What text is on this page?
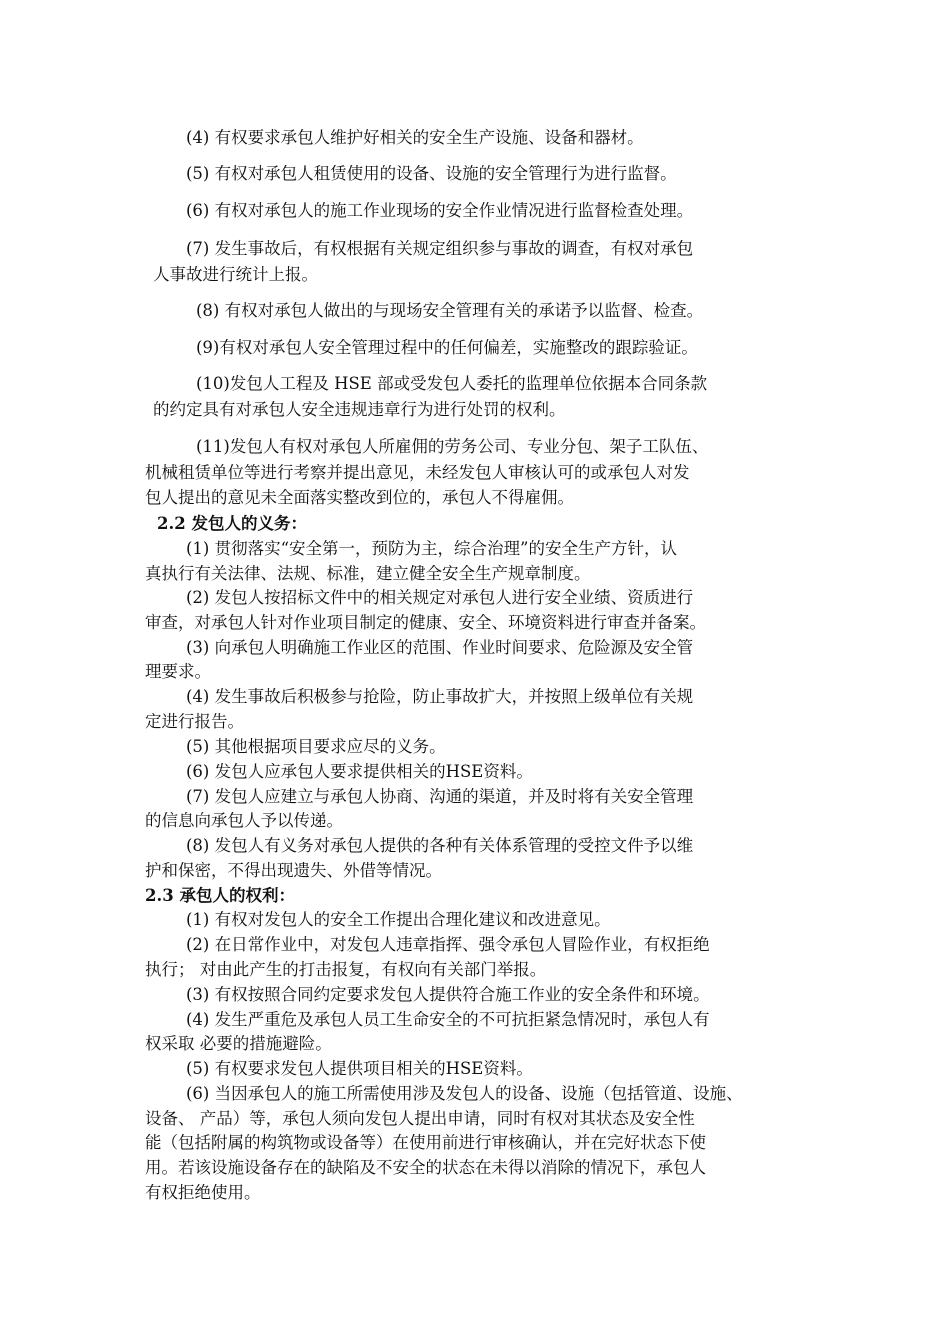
(4) 有权要求承包人维护好相关的安全生产设施、设备和器材。
(5) 有权对承包人租赁使用的设备、设施的安全管理行为进行监督。
(6) 有权对承包人的施工作业现场的安全作业情况进行监督检查处理。
(7) 发生事故后，有权根据有关规定组织参与事故的调查，有权对承包
人事故进行统计上报。
(8) 有权对承包人做出的与现场安全管理有关的承诺予以监督、检查。
(9)有权对承包人安全管理过程中的任何偏差，实施整改的跟踪验证。
(10)发包人工程及 HSE 部或受发包人委托的监理单位依据本合同条款
的约定具有对承包人安全违规违章行为进行处罚的权利。
(11)发包人有权对承包人所雇佣的劳务公司、专业分包、架子工队伍、
机械租赁单位等进行考察并提出意见，未经发包人审核认可的或承包人对发
包人提出的意见未全面落实整改到位的，承包人不得雇佣。
2.2 发包人的义务：
(1) 贯彻落实“安全第一，预防为主，综合治理”的安全生产方针，认
真执行有关法律、法规、标准，建立健全安全生产规章制度。
(2) 发包人按招标文件中的相关规定对承包人进行安全业绩、资质进行
审查，对承包人针对作业项目制定的健康、安全、环境资料进行审查并备案。
(3) 向承包人明确施工作业区的范围、作业时间要求、危险源及安全管
理要求。
(4) 发生事故后积极参与抢险，防止事故扩大，并按照上级单位有关规
定进行报告。
(5) 其他根据项目要求应尽的义务。
(6) 发包人应承包人要求提供相关的HSE资料。
(7) 发包人应建立与承包人协商、沟通的渠道，并及时将有关安全管理
的信息向承包人予以传递。
(8) 发包人有义务对承包人提供的各种有关体系管理的受控文件予以维
护和保密，不得出现遗失、外借等情况。
2.3 承包人的权利：
(1) 有权对发包人的安全工作提出合理化建议和改进意见。
(2) 在日常作业中，对发包人违章指挥、强令承包人冒险作业，有权拒绝
执行； 对由此产生的打击报复，有权向有关部门举报。
(3) 有权按照合同约定要求发包人提供符合施工作业的安全条件和环境。
(4) 发生严重危及承包人员工生命安全的不可抗拒紧急情况时，承包人有
权采取 必要的措施避险。
(5) 有权要求发包人提供项目相关的HSE资料。
(6) 当因承包人的施工所需使用涉及发包人的设备、设施（包括管道、设施、
设备、 产品）等，承包人须向发包人提出申请，同时有权对其状态及安全性
能（包括附属的构筑物或设备等）在使用前进行审核确认，并在完好状态下使
用。若该设施设备存在的缺陷及不安全的状态在未得以消除的情况下，承包人
有权拒绝使用。
